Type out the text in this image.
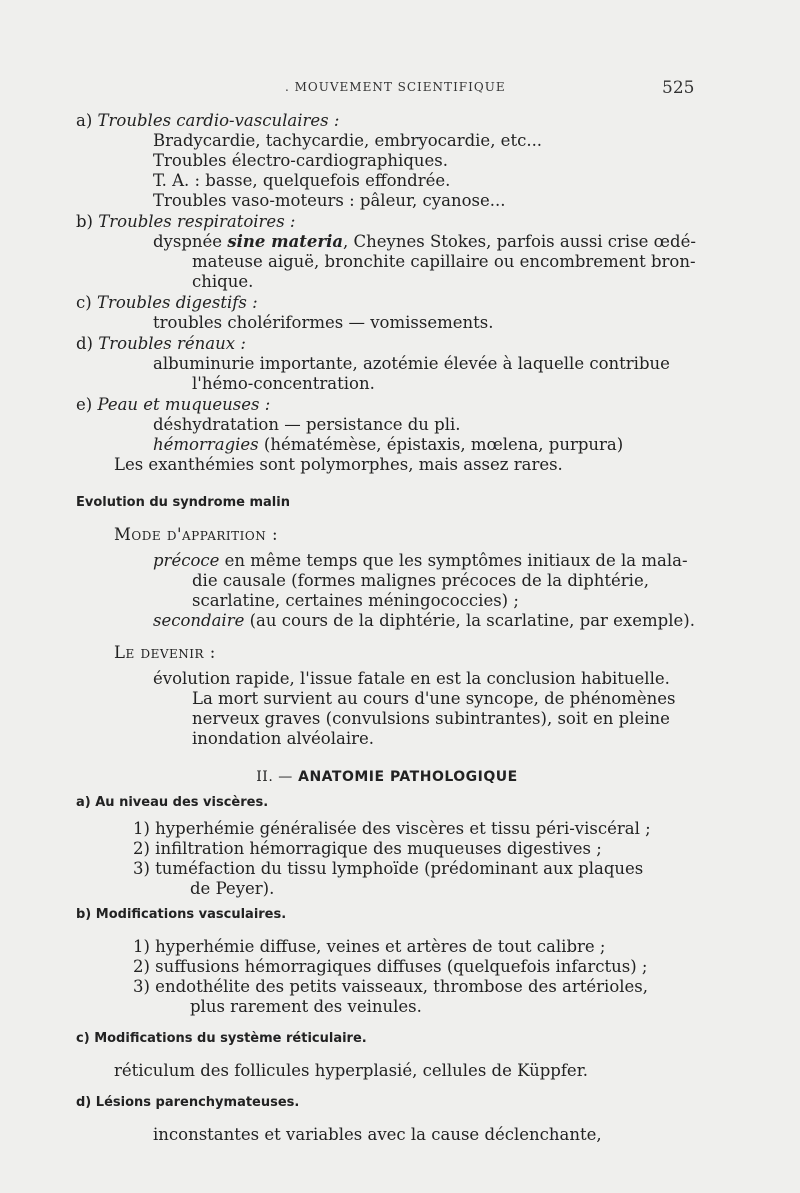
. MOUVEMENT SCIENTIFIQUE	525
a) Troubles cardio-vasculaires :
Bradycardie, tachycardie, embryocardie, etc...
Troubles électro-cardiographiques.
T. A. : basse, quelquefois effondrée.
Troubles vaso-moteurs : pâleur, cyanose...
b) Troubles respiratoires :
dyspnée sine materia, Cheynes Stokes, parfois aussi crise œdé-
mateuse aiguë, bronchite capillaire ou encombrement bron-
chique.
c) Troubles digestifs :
troubles cholériformes — vomissements.
d) Troubles rénaux :
albuminurie importante, azotémie élevée à laquelle contribue
l'hémo-concentration.
e) Peau et muqueuses :
déshydratation — persistance du pli.
hémorragies (hématémèse, épistaxis, mœlena, purpura)
Les exanthémies sont polymorphes, mais assez rares.
Evolution du syndrome malin
Mode d'apparition :
précoce en même temps que les symptômes initiaux de la mala-
die causale (formes malignes précoces de la diphtérie,
scarlatine, certaines méningococcies) ;
secondaire (au cours de la diphtérie, la scarlatine, par exemple).
Le devenir :
évolution rapide, l'issue fatale en est la conclusion habituelle.
La mort survient au cours d'une syncope, de phénomènes
nerveux graves (convulsions subintrantes), soit en pleine
inondation alvéolaire.
II. — ANATOMIE PATHOLOGIQUE
a) Au niveau des viscères.
1) hyperhémie généralisée des viscères et tissu péri-viscéral ;
2) infiltration hémorragique des muqueuses digestives ;
3) tuméfaction du tissu lymphoïde (prédominant aux plaques
de Peyer).
b) Modifications vasculaires.
1) hyperhémie diffuse, veines et artères de tout calibre ;
2) suffusions hémorragiques diffuses (quelquefois infarctus) ;
3) endothélite des petits vaisseaux, thrombose des artérioles,
plus rarement des veinules.
c) Modifications du système réticulaire.
réticulum des follicules hyperplasié, cellules de Küppfer.
d) Lésions parenchymateuses.
inconstantes et variables avec la cause déclenchante,
